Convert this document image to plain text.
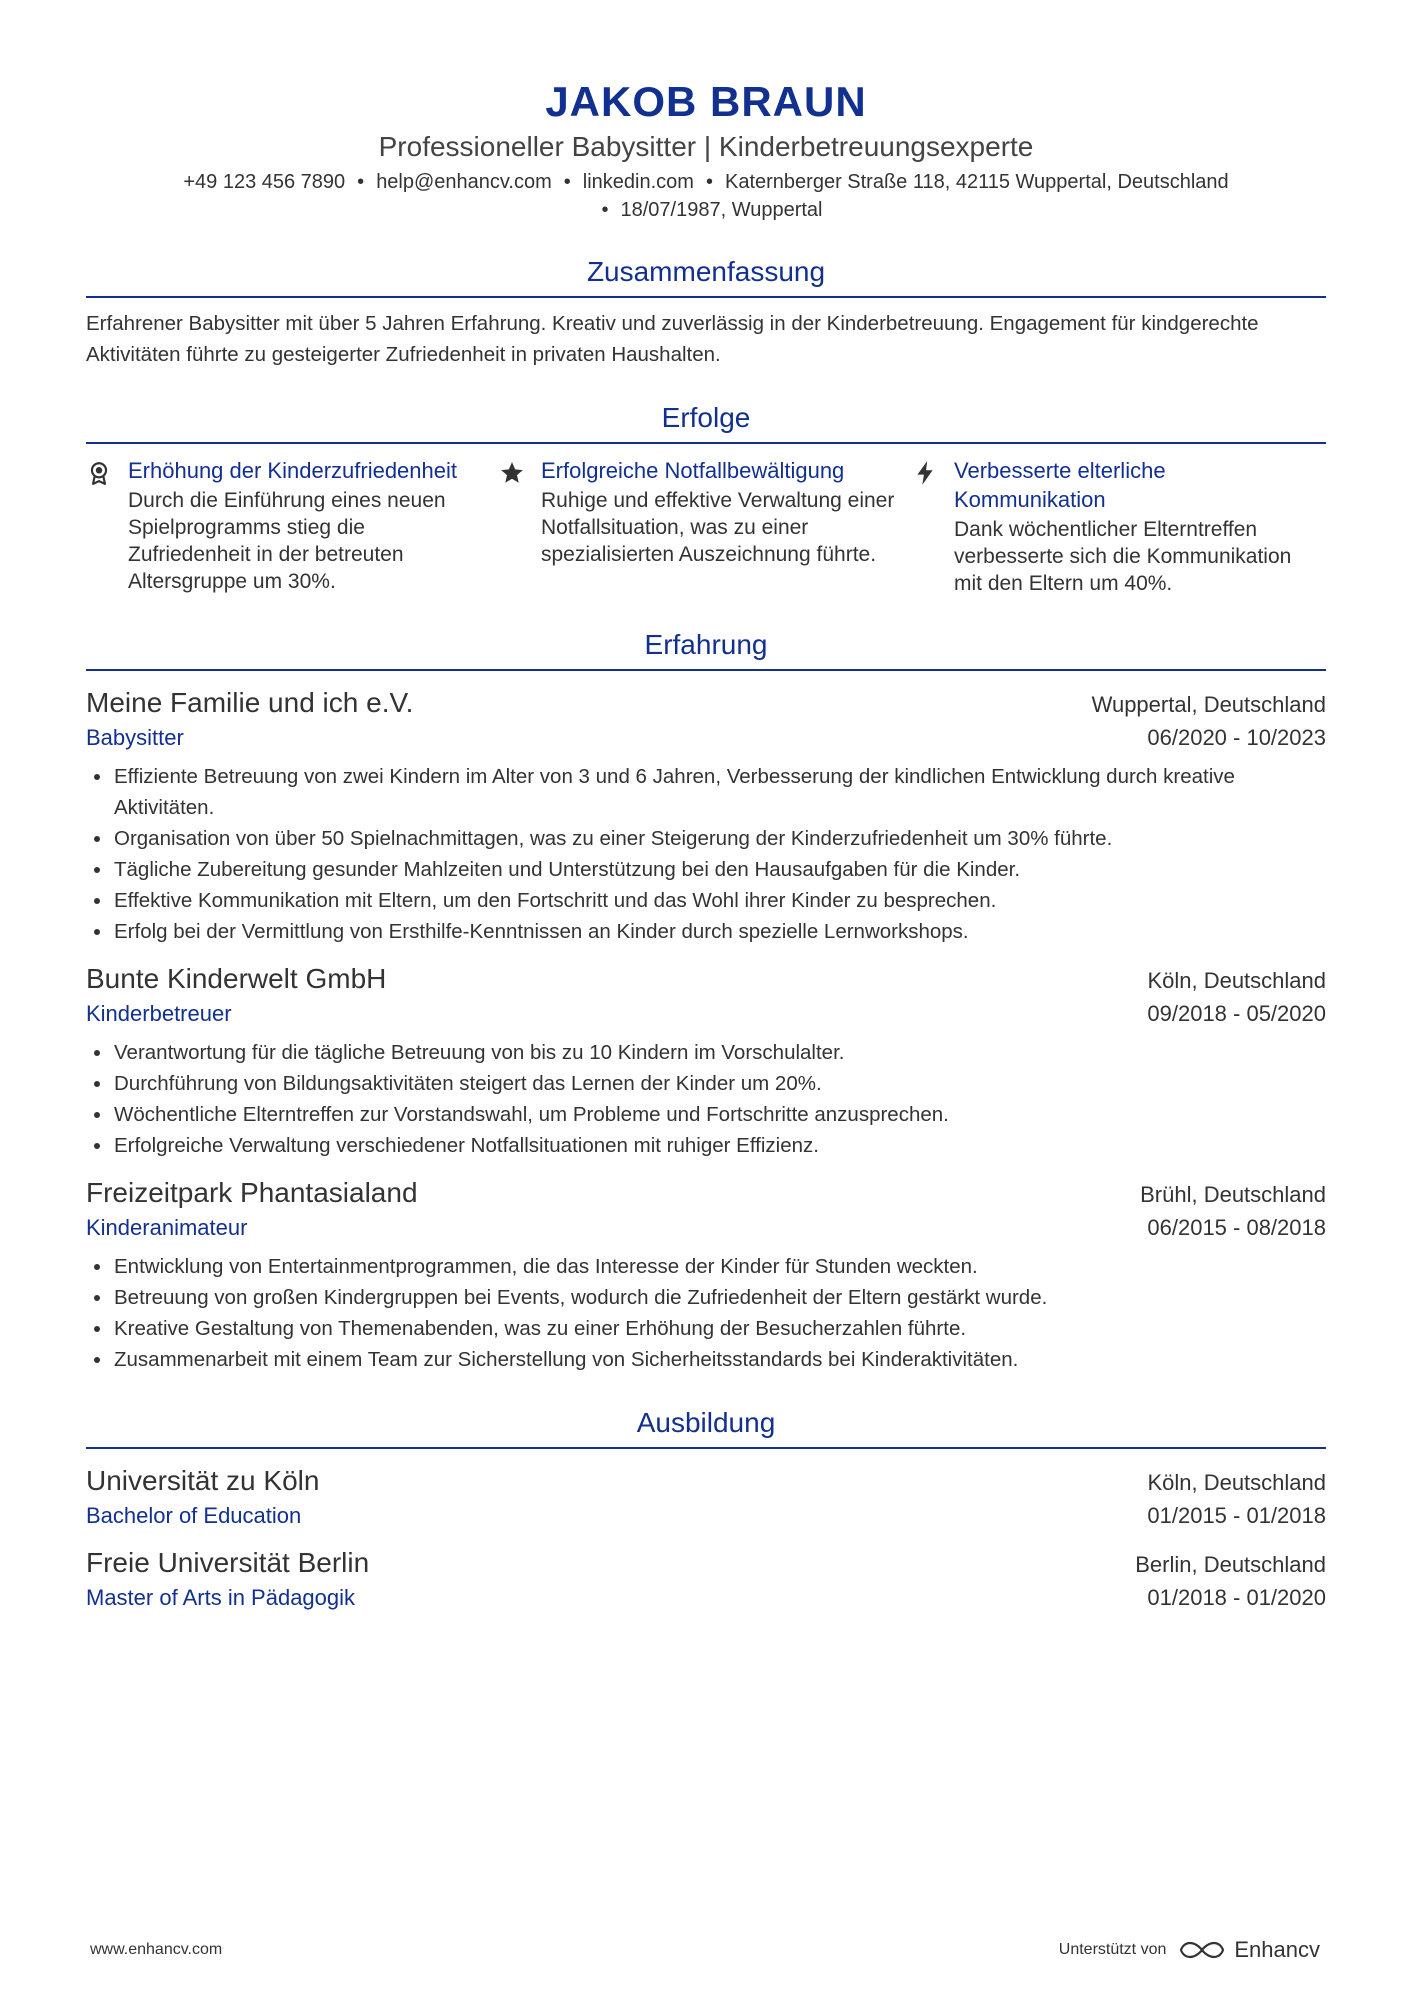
JAKOB BRAUN
Professioneller Babysitter | Kinderbetreuungsexperte
+49 123 456 7890 • help@enhancv.com • linkedin.com • Katernberger Straße 118, 42115 Wuppertal, Deutschland
• 18/07/1987, Wuppertal
Zusammenfassung
Erfahrener Babysitter mit über 5 Jahren Erfahrung. Kreativ und zuverlässig in der Kinderbetreuung. Engagement für kindgerechte Aktivitäten führte zu gesteigerter Zufriedenheit in privaten Haushalten.
Erfolge
Erhöhung der Kinderzufriedenheit
Durch die Einführung eines neuen Spielprogramms stieg die Zufriedenheit in der betreuten Altersgruppe um 30%.
Erfolgreiche Notfallbewältigung
Ruhige und effektive Verwaltung einer Notfallsituation, was zu einer spezialisierten Auszeichnung führte.
Verbesserte elterliche Kommunikation
Dank wöchentlicher Elterntreffen verbesserte sich die Kommunikation mit den Eltern um 40%.
Erfahrung
Meine Familie und ich e.V.	Wuppertal, Deutschland
Babysitter	06/2020 - 10/2023
Effiziente Betreuung von zwei Kindern im Alter von 3 und 6 Jahren, Verbesserung der kindlichen Entwicklung durch kreative Aktivitäten.
Organisation von über 50 Spielnachmittagen, was zu einer Steigerung der Kinderzufriedenheit um 30% führte.
Tägliche Zubereitung gesunder Mahlzeiten und Unterstützung bei den Hausaufgaben für die Kinder.
Effektive Kommunikation mit Eltern, um den Fortschritt und das Wohl ihrer Kinder zu besprechen.
Erfolg bei der Vermittlung von Ersthilfe-Kenntnissen an Kinder durch spezielle Lernworkshops.
Bunte Kinderwelt GmbH	Köln, Deutschland
Kinderbetreuer	09/2018 - 05/2020
Verantwortung für die tägliche Betreuung von bis zu 10 Kindern im Vorschulalter.
Durchführung von Bildungsaktivitäten steigert das Lernen der Kinder um 20%.
Wöchentliche Elterntreffen zur Vorstandswahl, um Probleme und Fortschritte anzusprechen.
Erfolgreiche Verwaltung verschiedener Notfallsituationen mit ruhiger Effizienz.
Freizeitpark Phantasialand	Brühl, Deutschland
Kinderanimateur	06/2015 - 08/2018
Entwicklung von Entertainmentprogrammen, die das Interesse der Kinder für Stunden weckten.
Betreuung von großen Kindergruppen bei Events, wodurch die Zufriedenheit der Eltern gestärkt wurde.
Kreative Gestaltung von Themenabenden, was zu einer Erhöhung der Besucherzahlen führte.
Zusammenarbeit mit einem Team zur Sicherstellung von Sicherheitsstandards bei Kinderaktivitäten.
Ausbildung
Universität zu Köln	Köln, Deutschland
Bachelor of Education	01/2015 - 01/2018
Freie Universität Berlin	Berlin, Deutschland
Master of Arts in Pädagogik	01/2018 - 01/2020
www.enhancv.com	Unterstützt von	Enhancv
